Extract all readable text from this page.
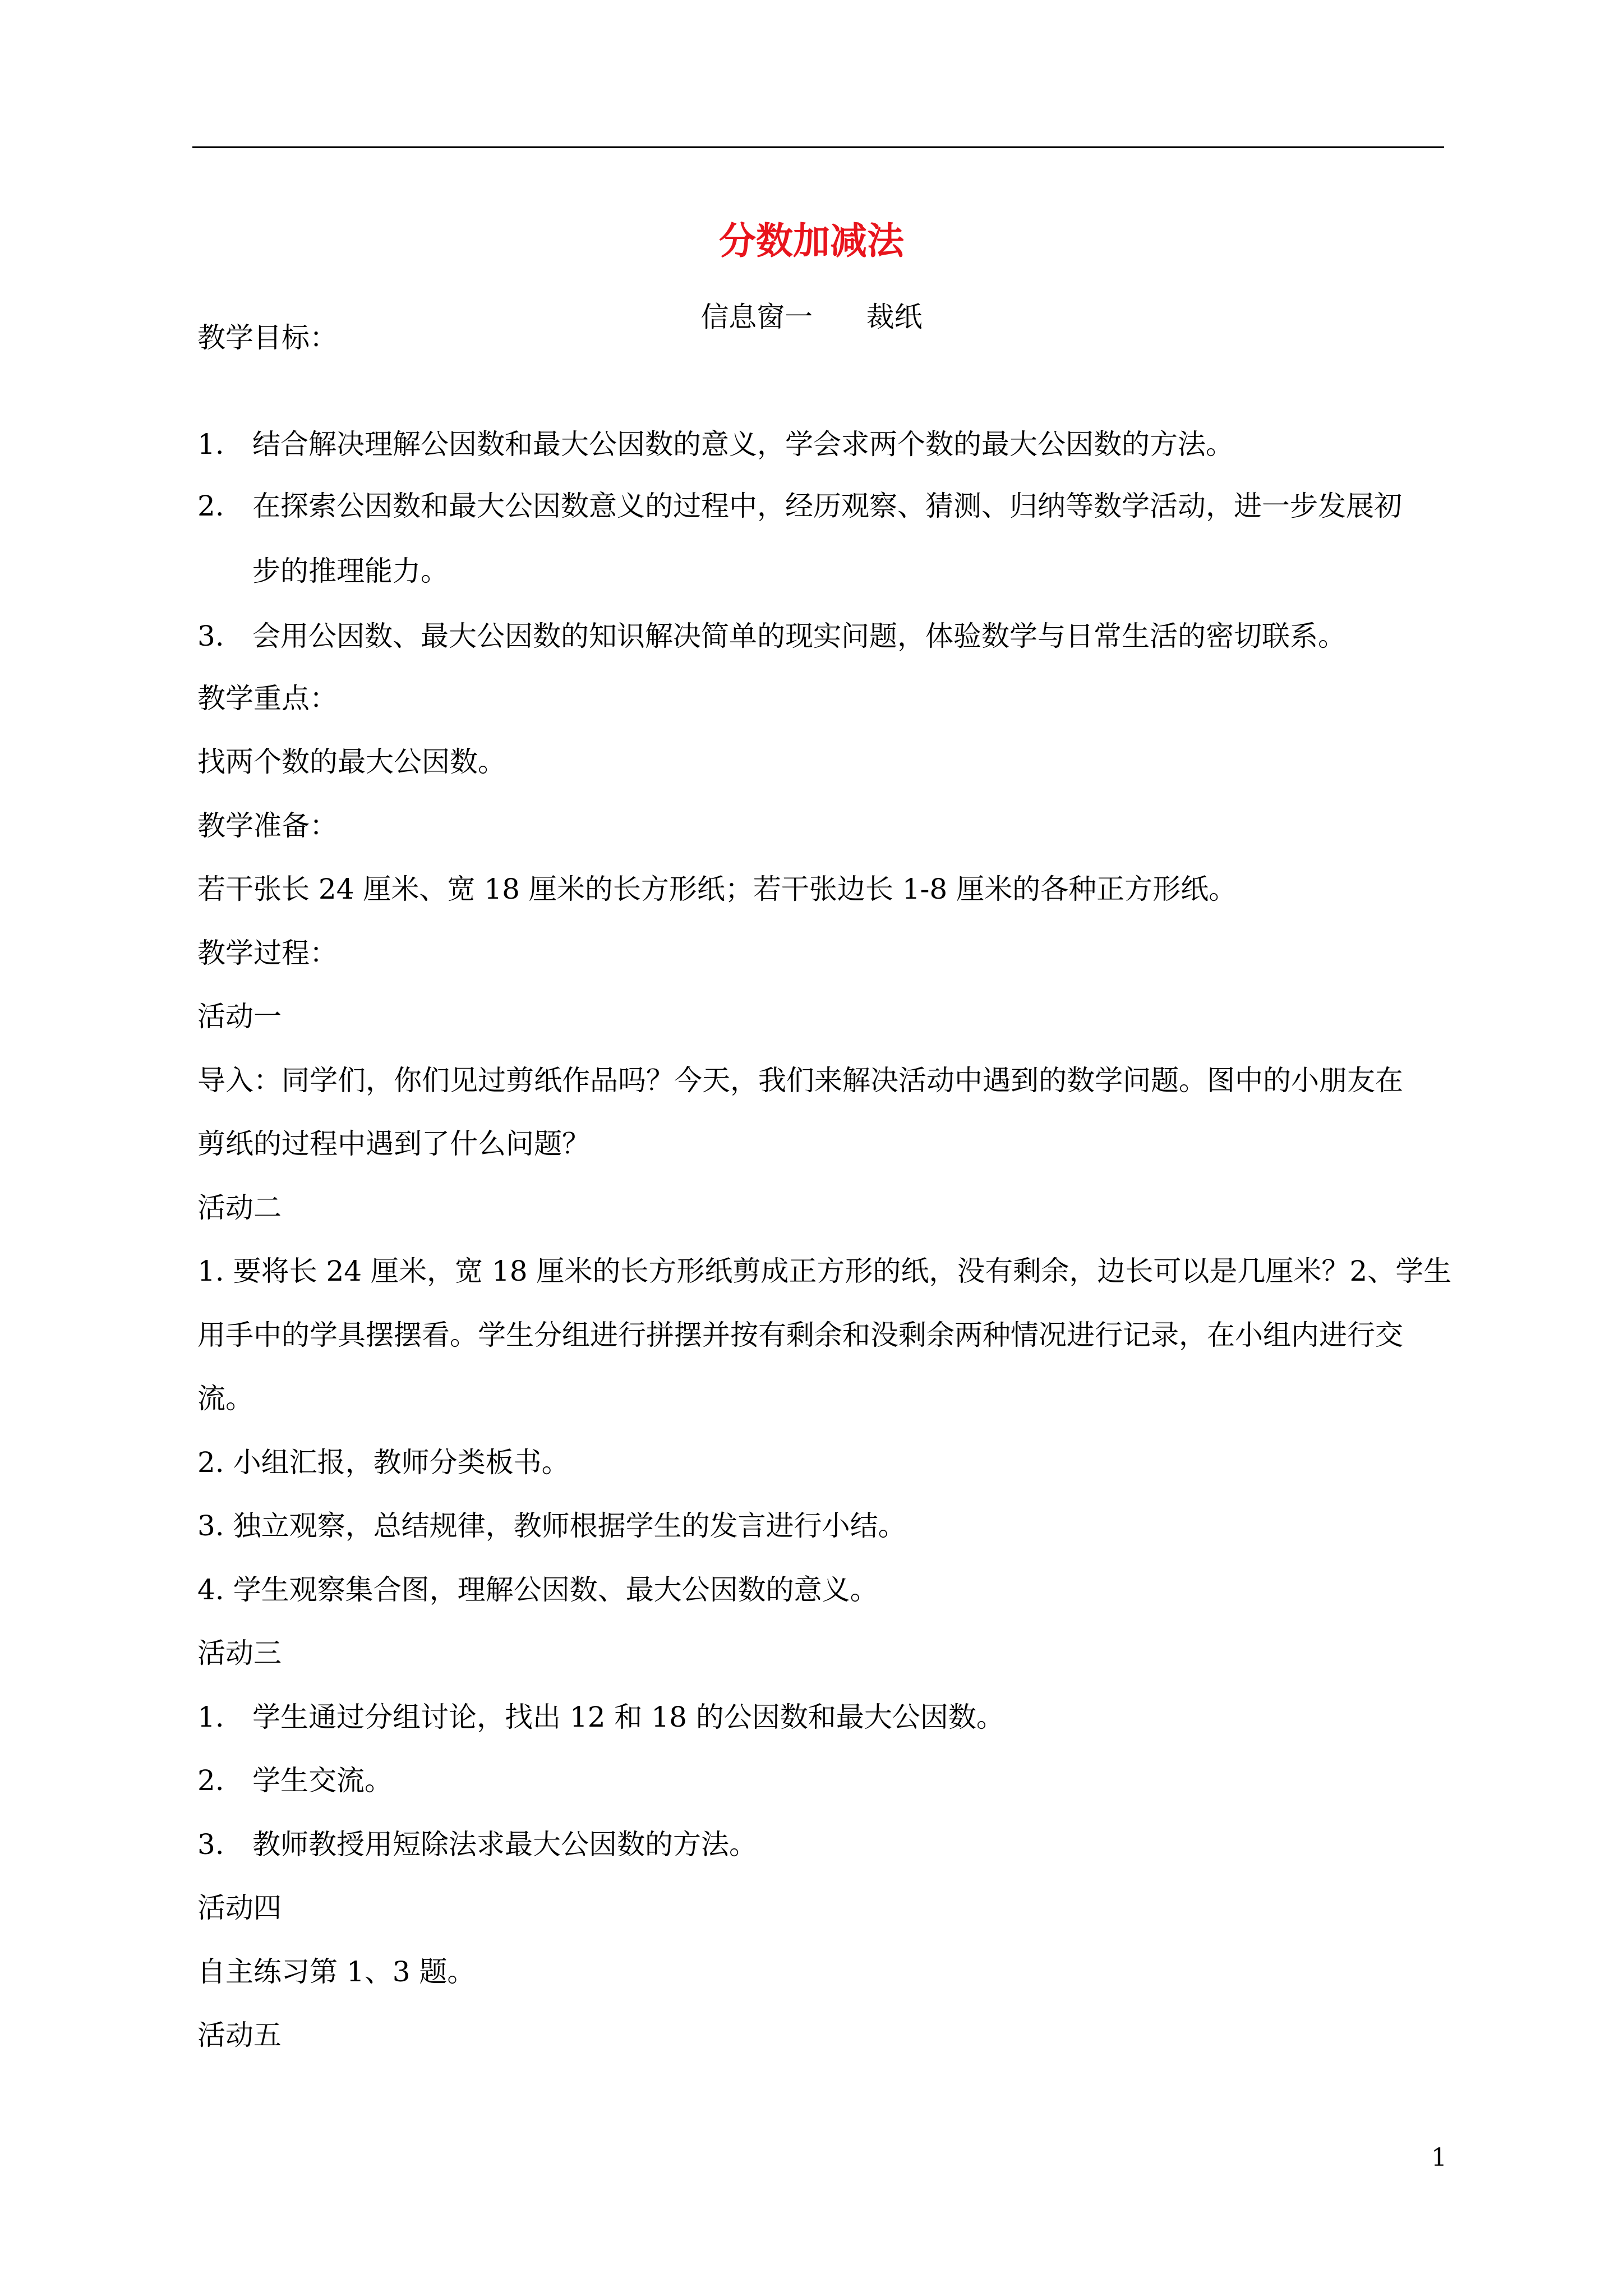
分数加减法
信息窗一      裁纸
教学目标：
1. 结合解决理解公因数和最大公因数的意义，学会求两个数的最大公因数的方法。
2. 在探索公因数和最大公因数意义的过程中，经历观察、猜测、归纳等数学活动，进一步发展初
步的推理能力。
3. 会用公因数、最大公因数的知识解决简单的现实问题，体验数学与日常生活的密切联系。
教学重点：
找两个数的最大公因数。
教学准备：
若干张长 24 厘米、宽 18 厘米的长方形纸；若干张边长 1-8 厘米的各种正方形纸。
教学过程：
活动一
导入：同学们，你们见过剪纸作品吗？今天，我们来解决活动中遇到的数学问题。图中的小朋友在
剪纸的过程中遇到了什么问题？
活动二
1. 要将长 24 厘米，宽 18 厘米的长方形纸剪成正方形的纸，没有剩余，边长可以是几厘米？2、学生
用手中的学具摆摆看。学生分组进行拼摆并按有剩余和没剩余两种情况进行记录，在小组内进行交
流。
2. 小组汇报，教师分类板书。
3. 独立观察，总结规律，教师根据学生的发言进行小结。
4. 学生观察集合图，理解公因数、最大公因数的意义。
活动三
1. 学生通过分组讨论，找出 12 和 18 的公因数和最大公因数。
2. 学生交流。
3. 教师教授用短除法求最大公因数的方法。
活动四
自主练习第 1、3 题。
活动五
1
